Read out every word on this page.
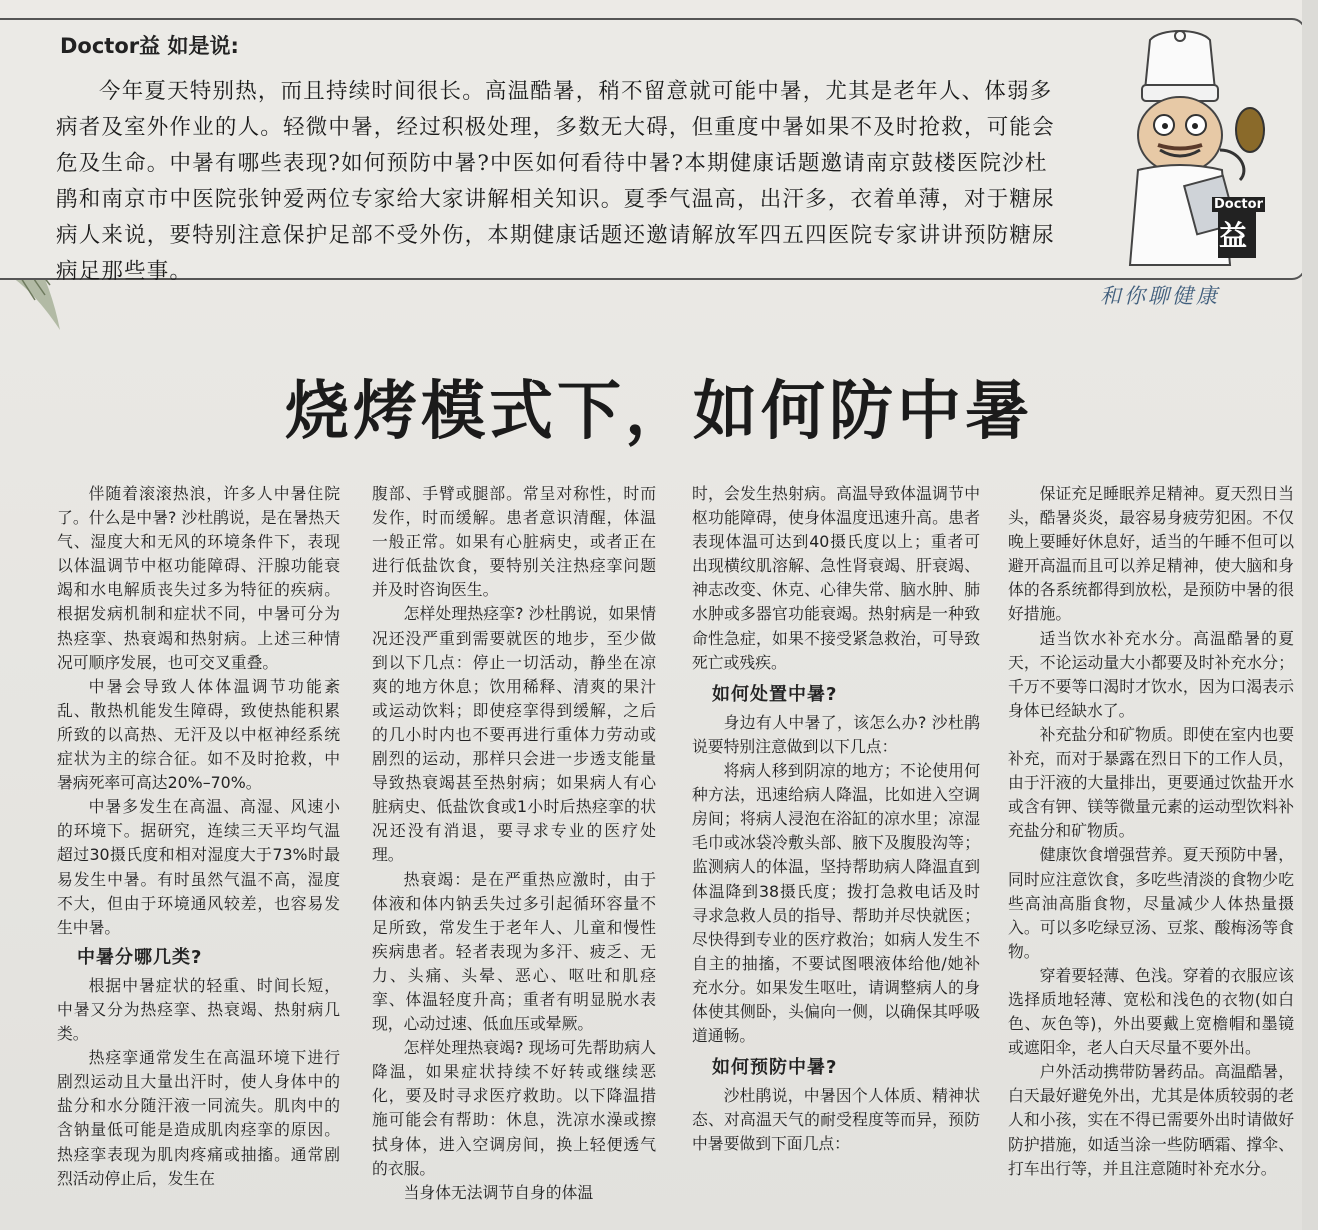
Doctor益 如是说:
今年夏天特别热，而且持续时间很长。高温酷暑，稍不留意就可能中暑，尤其是老年人、体弱多病者及室外作业的人。轻微中暑，经过积极处理，多数无大碍，但重度中暑如果不及时抢救，可能会危及生命。中暑有哪些表现?如何预防中暑?中医如何看待中暑?本期健康话题邀请南京鼓楼医院沙杜鹃和南京市中医院张钟爱两位专家给大家讲解相关知识。夏季气温高，出汗多，衣着单薄，对于糖尿病人来说，要特别注意保护足部不受外伤，本期健康话题还邀请解放军四五四医院专家讲讲预防糖尿病足那些事。
Doctor
益
和你聊健康
烧烤模式下，如何防中暑

伴随着滚滚热浪，许多人中暑住院了。什么是中暑? 沙杜鹃说，是在暑热天气、湿度大和无风的环境条件下，表现以体温调节中枢功能障碍、汗腺功能衰竭和水电解质丧失过多为特征的疾病。根据发病机制和症状不同，中暑可分为热痉挛、热衰竭和热射病。上述三种情况可顺序发展，也可交叉重叠。

中暑会导致人体体温调节功能紊乱、散热机能发生障碍，致使热能积累所致的以高热、无汗及以中枢神经系统症状为主的综合征。如不及时抢救，中暑病死率可高达20%–70%。

中暑多发生在高温、高湿、风速小的环境下。据研究，连续三天平均气温超过30摄氏度和相对湿度大于73%时最易发生中暑。有时虽然气温不高，湿度不大，但由于环境通风较差，也容易发生中暑。

中暑分哪几类?

根据中暑症状的轻重、时间长短，中暑又分为热痉挛、热衰竭、热射病几类。

热痉挛通常发生在高温环境下进行剧烈运动且大量出汗时，使人身体中的盐分和水分随汗液一同流失。肌肉中的含钠量低可能是造成肌肉痉挛的原因。热痉挛表现为肌肉疼痛或抽搐。通常剧烈活动停止后，发生在

腹部、手臂或腿部。常呈对称性，时而发作，时而缓解。患者意识清醒，体温一般正常。如果有心脏病史，或者正在进行低盐饮食，要特别关注热痉挛问题并及时咨询医生。

怎样处理热痉挛? 沙杜鹃说，如果情况还没严重到需要就医的地步，至少做到以下几点：停止一切活动，静坐在凉爽的地方休息；饮用稀释、清爽的果汁或运动饮料；即使痉挛得到缓解，之后的几小时内也不要再进行重体力劳动或剧烈的运动，那样只会进一步透支能量导致热衰竭甚至热射病；如果病人有心脏病史、低盐饮食或1小时后热痉挛的状况还没有消退，要寻求专业的医疗处理。

热衰竭：是在严重热应激时，由于体液和体内钠丢失过多引起循环容量不足所致，常发生于老年人、儿童和慢性疾病患者。轻者表现为多汗、疲乏、无力、头痛、头晕、恶心、呕吐和肌痉挛、体温轻度升高；重者有明显脱水表现，心动过速、低血压或晕厥。

怎样处理热衰竭? 现场可先帮助病人降温，如果症状持续不好转或继续恶化，要及时寻求医疗救助。以下降温措施可能会有帮助：休息，洗凉水澡或擦拭身体，进入空调房间，换上轻便透气的衣服。

当身体无法调节自身的体温

时，会发生热射病。高温导致体温调节中枢功能障碍，使身体温度迅速升高。患者表现体温可达到40摄氏度以上；重者可出现横纹肌溶解、急性肾衰竭、肝衰竭、神志改变、休克、心律失常、脑水肿、肺水肿或多器官功能衰竭。热射病是一种致命性急症，如果不接受紧急救治，可导致死亡或残疾。

如何处置中暑?

身边有人中暑了，该怎么办? 沙杜鹃说要特别注意做到以下几点：

将病人移到阴凉的地方；不论使用何种方法，迅速给病人降温，比如进入空调房间；将病人浸泡在浴缸的凉水里；凉湿毛巾或冰袋冷敷头部、腋下及腹股沟等；监测病人的体温，坚持帮助病人降温直到体温降到38摄氏度；拨打急救电话及时寻求急救人员的指导、帮助并尽快就医；尽快得到专业的医疗救治；如病人发生不自主的抽搐，不要试图喂液体给他/她补充水分。如果发生呕吐，请调整病人的身体使其侧卧，头偏向一侧，以确保其呼吸道通畅。

如何预防中暑?

沙杜鹃说，中暑因个人体质、精神状态、对高温天气的耐受程度等而异，预防中暑要做到下面几点：

保证充足睡眠养足精神。夏天烈日当头，酷暑炎炎，最容易身疲劳犯困。不仅晚上要睡好休息好，适当的午睡不但可以避开高温而且可以养足精神，使大脑和身体的各系统都得到放松，是预防中暑的很好措施。

适当饮水补充水分。高温酷暑的夏天，不论运动量大小都要及时补充水分；千万不要等口渴时才饮水，因为口渴表示身体已经缺水了。

补充盐分和矿物质。即使在室内也要补充，而对于暴露在烈日下的工作人员，由于汗液的大量排出，更要通过饮盐开水或含有钾、镁等微量元素的运动型饮料补充盐分和矿物质。

健康饮食增强营养。夏天预防中暑，同时应注意饮食，多吃些清淡的食物少吃些高油高脂食物，尽量减少人体热量摄入。可以多吃绿豆汤、豆浆、酸梅汤等食物。

穿着要轻薄、色浅。穿着的衣服应该选择质地轻薄、宽松和浅色的衣物(如白色、灰色等)，外出要戴上宽檐帽和墨镜或遮阳伞，老人白天尽量不要外出。

户外活动携带防暑药品。高温酷暑，白天最好避免外出，尤其是体质较弱的老人和小孩，实在不得已需要外出时请做好防护措施，如适当涂一些防晒霜、撑伞、打车出行等，并且注意随时补充水分。
